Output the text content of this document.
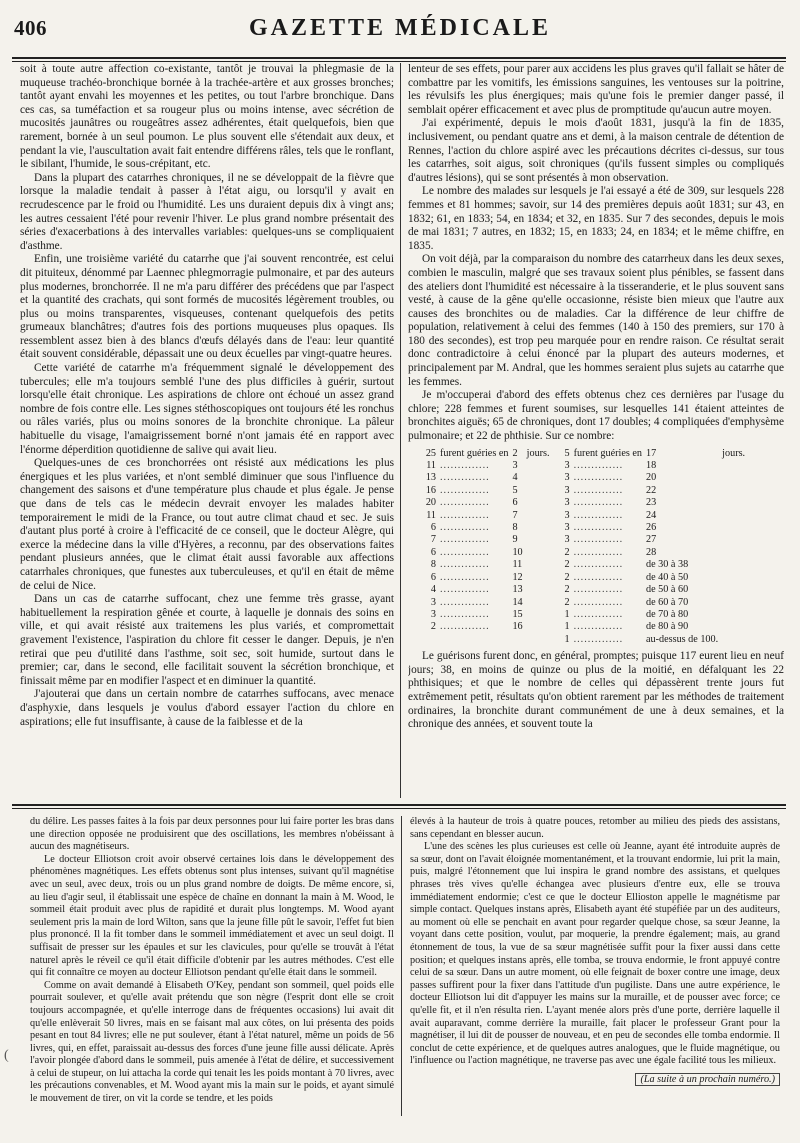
406	GAZETTE MÉDICALE

soit à toute autre affection co-existante, tantôt je trouvai la phlegmasie de la muqueuse trachéo-bronchique bornée à la trachée-artère et aux grosses bronches; tantôt ayant envahi les moyennes et les petites, ou tout l'arbre bronchique. Dans ces cas, sa tuméfaction et sa rougeur plus ou moins intense, avec sécrétion de mucosités jaunâtres ou rougeâtres assez adhérentes, était quelquefois, bien que rarement, bornée à un seul poumon. Le plus souvent elle s'étendait aux deux, et pendant la vie, l'auscultation avait fait entendre différens râles, tels que le ronflant, le sibilant, l'humide, le sous-crépitant, etc.

Dans la plupart des catarrhes chroniques, il ne se développait de la fièvre que lorsque la maladie tendait à passer à l'état aigu, ou lorsqu'il y avait en recrudescence par le froid ou l'humidité. Les uns duraient depuis dix à vingt ans; les autres cessaient l'été pour revenir l'hiver. Le plus grand nombre présentait des séries d'exacerbations à des intervalles variables: quelques-uns se compliquaient d'asthme.

Enfin, une troisième variété du catarrhe que j'ai souvent rencontrée, est celui dit pituiteux, dénommé par Laennec phlegmorragie pulmonaire, et par des auteurs plus modernes, bronchorrée. Il ne m'a paru différer des précédens que par l'aspect et la quantité des crachats, qui sont formés de mucosités légèrement troubles, ou plus ou moins transparentes, visqueuses, contenant quelquefois des petits grumeaux blanchâtres; d'autres fois des portions muqueuses plus opaques. Ils ressemblent assez bien à des blancs d'œufs délayés dans de l'eau: leur quantité était souvent considérable, dépassait une ou deux écuelles par vingt-quatre heures.

Cette variété de catarrhe m'a fréquemment signalé le développement des tubercules; elle m'a toujours semblé l'une des plus difficiles à guérir, surtout lorsqu'elle était chronique. Les aspirations de chlore ont échoué un assez grand nombre de fois contre elle. Les signes stéthoscopiques ont toujours été les ronchus ou râles variés, plus ou moins sonores de la bronchite chronique. La pâleur habituelle du visage, l'amaigrissement borné n'ont jamais été en rapport avec l'énorme déperdition quotidienne de salive qui avait lieu.

Quelques-unes de ces bronchorrées ont résisté aux médications les plus énergiques et les plus variées, et n'ont semblé diminuer que sous l'influence du changement des saisons et d'une température plus chaude et plus égale. Je pense que dans de tels cas le médecin devrait envoyer les malades habiter temporairement le midi de la France, ou tout autre climat chaud et sec. Je suis d'autant plus porté à croire à l'efficacité de ce conseil, que le docteur Alègre, qui exerce la médecine dans la ville d'Hyères, a reconnu, par des observations faites pendant plusieurs années, que le climat était aussi favorable aux affections catarrhales chroniques, que funestes aux tuberculeuses, et qu'il en était de même de celui de Nice.

Dans un cas de catarrhe suffocant, chez une femme très grasse, ayant habituellement la respiration gênée et courte, à laquelle je donnais des soins en ville, et qui avait résisté aux traitemens les plus variés, et compromettait gravement l'existence, l'aspiration du chlore fit cesser le danger. Depuis, je n'en retirai que peu d'utilité dans l'asthme, soit sec, soit humide, surtout dans le premier; car, dans le second, elle facilitait souvent la sécrétion bronchique, et finissait même par en modifier l'aspect et en diminuer la quantité.

J'ajouterai que dans un certain nombre de catarrhes suffocans, avec menace d'asphyxie, dans lesquels je voulus d'abord essayer l'action du chlore en aspirations; elle fut insuffisante, à cause de la faiblesse et de la

lenteur de ses effets, pour parer aux accidens les plus graves qu'il fallait se hâter de combattre par les vomitifs, les émissions sanguines, les ventouses sur la poitrine, les révulsifs les plus énergiques; mais qu'une fois le premier danger passé, il semblait opérer efficacement et avec plus de promptitude qu'aucun autre moyen.

J'ai expérimenté, depuis le mois d'août 1831, jusqu'à la fin de 1835, inclusivement, ou pendant quatre ans et demi, à la maison centrale de détention de Rennes, l'action du chlore aspiré avec les précautions décrites ci-dessus, sur tous les catarrhes, soit aigus, soit chroniques (qu'ils fussent simples ou compliqués d'autres lésions), qui se sont présentés à mon observation.

Le nombre des malades sur lesquels je l'ai essayé a été de 309, sur lesquels 228 femmes et 81 hommes; savoir, sur 14 des premières depuis août 1831; sur 43, en 1832; 61, en 1833; 54, en 1834; et 32, en 1835. Sur 7 des secondes, depuis le mois de mai 1831; 7 autres, en 1832; 15, en 1833; 24, en 1834; et le même chiffre, en 1835.

On voit déjà, par la comparaison du nombre des catarrheux dans les deux sexes, combien le masculin, malgré que ses travaux soient plus pénibles, se fassent dans des ateliers dont l'humidité est nécessaire à la tisseranderie, et le plus souvent sans vesté, à cause de la gêne qu'elle occasionne, résiste bien mieux que l'autre aux causes des bronchites ou de maladies. Car la différence de leur chiffre de population, relativement à celui des femmes (140 à 150 des premiers, sur 170 à 180 des secondes), est trop peu marquée pour en rendre raison. Ce résultat serait donc contradictoire à celui énoncé par la plupart des auteurs modernes, et principalement par M. Andral, que les hommes seraient plus sujets au catarrhe que les femmes.

Je m'occuperai d'abord des effets obtenus chez ces dernières par l'usage du chlore; 228 femmes et furent soumises, sur lesquelles 141 étaient atteintes de bronchites aiguës; 65 de chroniques, dont 17 doubles; 4 compliquées d'emphysème pulmonaire; et 22 de phthisie. Sur ce nombre:

25	furent guéries en	2	jours.	5	furent guéries en	17	jours.
11	..............	3		3	..............	18	
13	..............	4		3	..............	20	
16	..............	5		3	..............	22	
20	..............	6		3	..............	23	
11	..............	7		3	..............	24	
6	..............	8		3	..............	26	
7	..............	9		3	..............	27	
6	..............	10		2	..............	28	
8	..............	11		2	..............	de 30 à 38	
6	..............	12		2	..............	de 40 à 50	
4	..............	13		2	..............	de 50 à 60	
3	..............	14		2	..............	de 60 à 70	
3	..............	15		1	..............	de 70 à 80	
2	..............	16		1	..............	de 80 à 90	
				1	..............	au-dessus de 100.	

Le guérisons furent donc, en général, promptes; puisque 117 eurent lieu en neuf jours; 38, en moins de quinze ou plus de la moitié, en défalquant les 22 phthisiques; et que le nombre de celles qui dépassèrent trente jours fut extrêmement petit, résultats qu'on obtient rarement par les méthodes de traitement ordinaires, la bronchite durant communément de une à deux semaines, et la chronique des années, et souvent toute la

du délire. Les passes faites à la fois par deux personnes pour lui faire porter les bras dans une direction opposée ne produisirent que des oscillations, les membres n'obéissant à aucun des magnétiseurs.

Le docteur Elliotson croit avoir observé certaines lois dans le développement des phénomènes magnétiques. Les effets obtenus sont plus intenses, suivant qu'il magnétise avec un seul, avec deux, trois ou un plus grand nombre de doigts. De même encore, si, au lieu d'agir seul, il établissait une espèce de chaîne en donnant la main à M. Wood, le sommeil était produit avec plus de rapidité et durait plus longtemps. M. Wood ayant seulement pris la main de lord Wilton, sans que la jeune fille pût le savoir, l'effet fut bien plus prononcé. Il la fit tomber dans le sommeil immédiatement et avec un seul doigt. Il suffisait de presser sur les épaules et sur les clavicules, pour qu'elle se trouvât à l'état naturel après le réveil ce qu'il était difficile d'obtenir par les autres méthodes. C'est elle qui fit connaître ce moyen au docteur Elliotson pendant qu'elle était dans le sommeil.

Comme on avait demandé à Elisabeth O'Key, pendant son sommeil, quel poids elle pourrait soulever, et qu'elle avait prétendu que son nègre (l'esprit dont elle se croit toujours accompagnée, et qu'elle interroge dans de fréquentes occasions) lui avait dit qu'elle enlèverait 50 livres, mais en se faisant mal aux côtes, on lui présenta des poids pesant en tout 84 livres; elle ne put soulever, étant à l'état naturel, même un poids de 56 livres, qui, en effet, paraissait au-dessus des forces d'une jeune fille aussi délicate. Après l'avoir plongée d'abord dans le sommeil, puis amenée à l'état de délire, et successivement à celui de stupeur, on lui attacha la corde qui tenait les les poids montant à 70 livres, avec les précautions convenables, et M. Wood ayant mis la main sur le poids, et ayant simulé le mouvement de tirer, on vit la corde se tendre, et les poids

élevés à la hauteur de trois à quatre pouces, retomber au milieu des pieds des assistans, sans cependant en blesser aucun.

L'une des scènes les plus curieuses est celle où Jeanne, ayant été introduite auprès de sa sœur, dont on l'avait éloignée momentanément, et la trouvant endormie, lui prit la main, puis, malgré l'étonnement que lui inspira le grand nombre des assistans, et quelques phrases très vives qu'elle échangea avec plusieurs d'entre eux, elle se trouva immédiatement endormie; c'est ce que le docteur Ellioston appelle le magnétisme par simple contact. Quelques instans après, Elisabeth ayant été stupéfiée par un des auditeurs, au moment où elle se penchait en avant pour regarder quelque chose, sa sœur Jeanne, la voyant dans cette position, voulut, par moquerie, la prendre également; mais, au grand étonnement de tous, la vue de sa sœur magnétisée suffit pour la fixer aussi dans cette position; et quelques instans après, elle tomba, se trouva endormie, le front appuyé contre celui de sa sœur. Dans un autre moment, où elle feignait de boxer contre une image, deux passes suffirent pour la fixer dans l'attitude d'un pugiliste. Dans une autre expérience, le docteur Elliotson lui dit d'appuyer les mains sur la muraille, et de pousser avec force; ce qu'elle fit, et il n'en résulta rien. L'ayant menée alors près d'une porte, derrière laquelle il avait auparavant, comme derrière la muraille, fait placer le professeur Grant pour la magnétiser, il lui dit de pousser de nouveau, et en peu de secondes elle tomba endormie. Il conclut de cette expérience, et de quelques autres analogues, que le fluide magnétique, ou l'influence ou l'action magnétique, ne traverse pas avec une égale facilité tous les milieux.

(La suite à un prochain numéro.)
(
